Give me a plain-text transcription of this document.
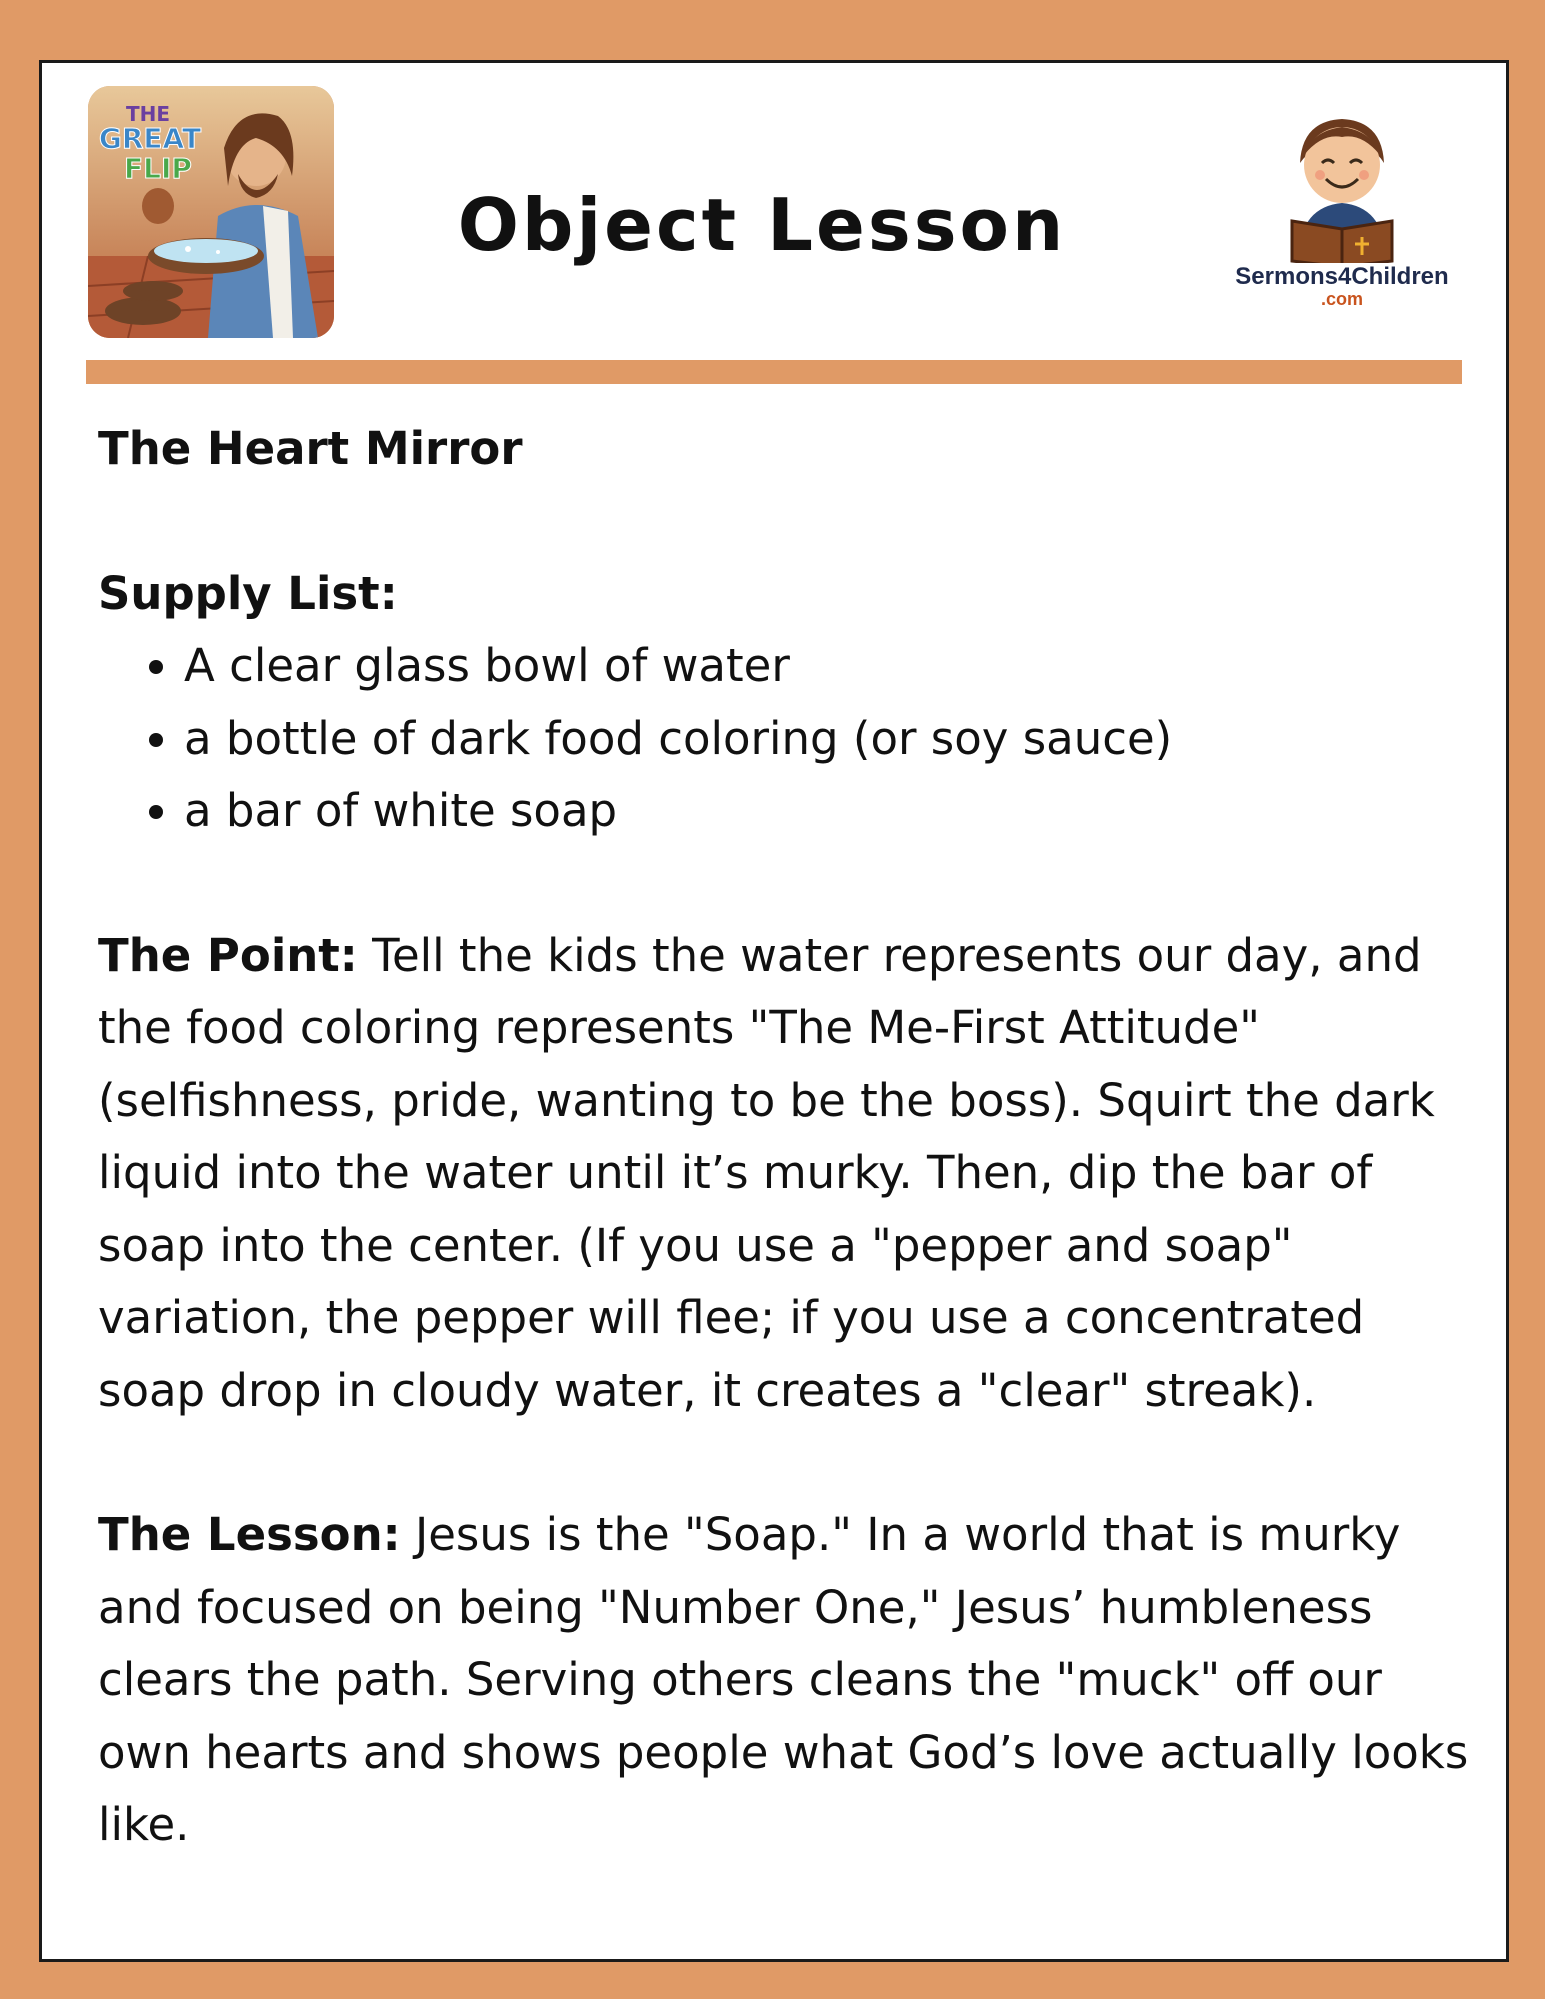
THE
GREAT
FLIP
Object Lesson
Sermons4Children
.com
The Heart Mirror
Supply List:
• A clear glass bowl of water
• a bottle of dark food coloring (or soy sauce)
• a bar of white soap

The Point: Tell the kids the water represents our day, and the food coloring represents "The Me-First Attitude" (selfishness, pride, wanting to be the boss). Squirt the dark liquid into the water until it’s murky. Then, dip the bar of soap into the center. (If you use a "pepper and soap" variation, the pepper will flee; if you use a concentrated soap drop in cloudy water, it creates a "clear" streak).

The Lesson: Jesus is the "Soap." In a world that is murky and focused on being "Number One," Jesus’ humbleness clears the path. Serving others cleans the "muck" off our own hearts and shows people what God’s love actually looks like.
